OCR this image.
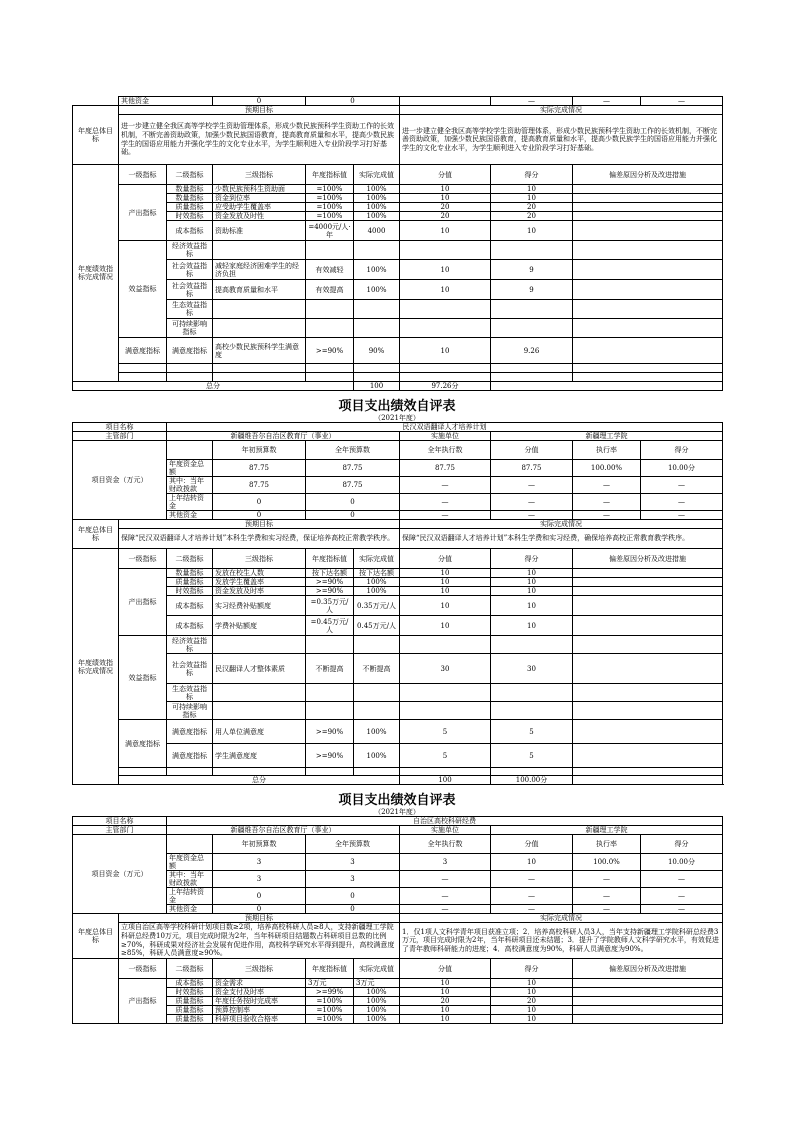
	其他资金		0	0			—	—	—
年度总体目标	预期目标					实际完成情况			
	进一步建立健全我区高等学校学生资助管理体系，形成少数民族预科学生资助工作的长效机制，不断完善资助政策，加强少数民族国语教育，提高教育质量和水平，提高少数民族学生的国语应用能力并强化学生的文化专业水平，为学生顺利进入专业阶段学习打好基础。					进一步建立健全我区高等学校学生资助管理体系，形成少数民族预科学生资助工作的长效机制，不断完善资助政策，加强少数民族国语教育，提高教育质量和水平，提高少数民族学生的国语应用能力并强化学生的文化专业水平，为学生顺利进入专业阶段学习打好基础。			
年度绩效指标完成情况	一级指标	二级指标	三级指标	年度指标值	实际完成值	分值	得分	偏差原因分析及改进措施	
	产出指标	数量指标	少数民族预科生资助面	=100%	100%	10	10		
		数量指标	资金到位率	=100%	100%	10	10		
		质量指标	应受助学生覆盖率	=100%	100%	20	20		
		时效指标	资金发放及时性	=100%	100%	20	20		
		成本指标	资助标准	=4000元/人·年	4000	10	10		
	效益指标	经济效益指标							
		社会效益指标	减轻家庭经济困难学生的经济负担	有效减轻	100%	10	9		
		社会效益指标	提高教育质量和水平	有效提高	100%	10	9		
		生态效益指标							
		可持续影响指标							
	满意度指标	满意度指标	高校少数民族预科学生满意度	>=90%	90%	10	9.26		

总分					100	97.26分			
项目支出绩效自评表
（2021年度）
项目名称		民汉双语翻译人才培养计划							
主管部门		新疆维吾尔自治区教育厅（事业）				实施单位	新疆理工学院		
项目资金（万元）			年初预算数	全年预算数		全年执行数	分值	执行率	得分
		年度资金总额	87.75	87.75		87.75	87.75	100.00%	10.00分
		其中：当年财政拨款	87.75	87.75		—	—	—	—
		上年结转资金	0	0		—	—	—	—
		其他资金	0	0		—	—	—	—
年度总体目标	预期目标					实际完成情况			
	保障“民汉双语翻译人才培养计划”本科生学费和实习经费，保证培养高校正常教学秩序。					保障“民汉双语翻译人才培养计划”本科生学费和实习经费，确保培养高校正常教育教学秩序。			
年度绩效指标完成情况	一级指标	二级指标	三级指标	年度指标值	实际完成值	分值	得分	偏差原因分析及改进措施	
	产出指标	数量指标	发放在校生人数	按下达名额	按下达名额	10	10		
		质量指标	发放学生覆盖率	>=90%	100%	10	10		
		时效指标	资金发放及时率	>=90%	100%	10	10		
		成本指标	实习经费补贴额度	=0.35万元/人	0.35万元/人	10	10		
		成本指标	学费补贴额度	=0.45万元/人	0.45万元/人	10	10		
	效益指标	经济效益指标							
		社会效益指标	民汉翻译人才整体素质	不断提高	不断提高	30	30		
		生态效益指标							
		可持续影响指标							
	满意度指标	满意度指标	用人单位满意度	>=90%	100%	5	5		
		满意度指标	学生满意度度	>=90%	100%	5	5		

	总分					100	100.00分		
项目支出绩效自评表
（2021年度）
项目名称		自治区高校科研经费							
主管部门		新疆维吾尔自治区教育厅（事业）				实施单位	新疆理工学院		
项目资金（万元）			年初预算数	全年预算数		全年执行数	分值	执行率	得分
		年度资金总额	3	3		3	10	100.0%	10.00分
		其中：当年财政拨款	3	3		—	—	—	—
		上年结转资金	0	0		—	—	—	—
		其他资金	0	0		—	—	—	—
年度总体目标	预期目标					实际完成情况			
	立项自治区高等学校科研计划项目数≥2项，培养高校科研人员≥8人，支持新疆理工学院科研总经费10万元，项目完成时限为2年，当年科研项目结题数占科研项目总数的比例≥70%，科研成果对经济社会发展有促进作用，高校科学研究水平得到提升，高校满意度≥85%，科研人员满意度≥90%。					1．仅1项人文科学青年项目获准立项；2．培养高校科研人员3人，当年支持新疆理工学院科研总经费3万元，项目完成时限为2年，当年科研项目还未结题；3．提升了学院教师人文科学研究水平，有效促进了青年教师科研能力的进度；4．高校满意度为90%，科研人员满意度为90%。			
	一级指标	二级指标	三级指标	年度指标值	实际完成值	分值	得分	偏差原因分析及改进措施	
	产出指标	成本指标	资金需求	3万元	3万元	10	10		
		时效指标	资金支付及时率	>=99%	100%	10	10		
		质量指标	年度任务按时完成率	=100%	100%	20	20		
		质量指标	预算控制率	=100%	100%	10	10		
		质量指标	科研项目验收合格率	=100%	100%	10	10		
